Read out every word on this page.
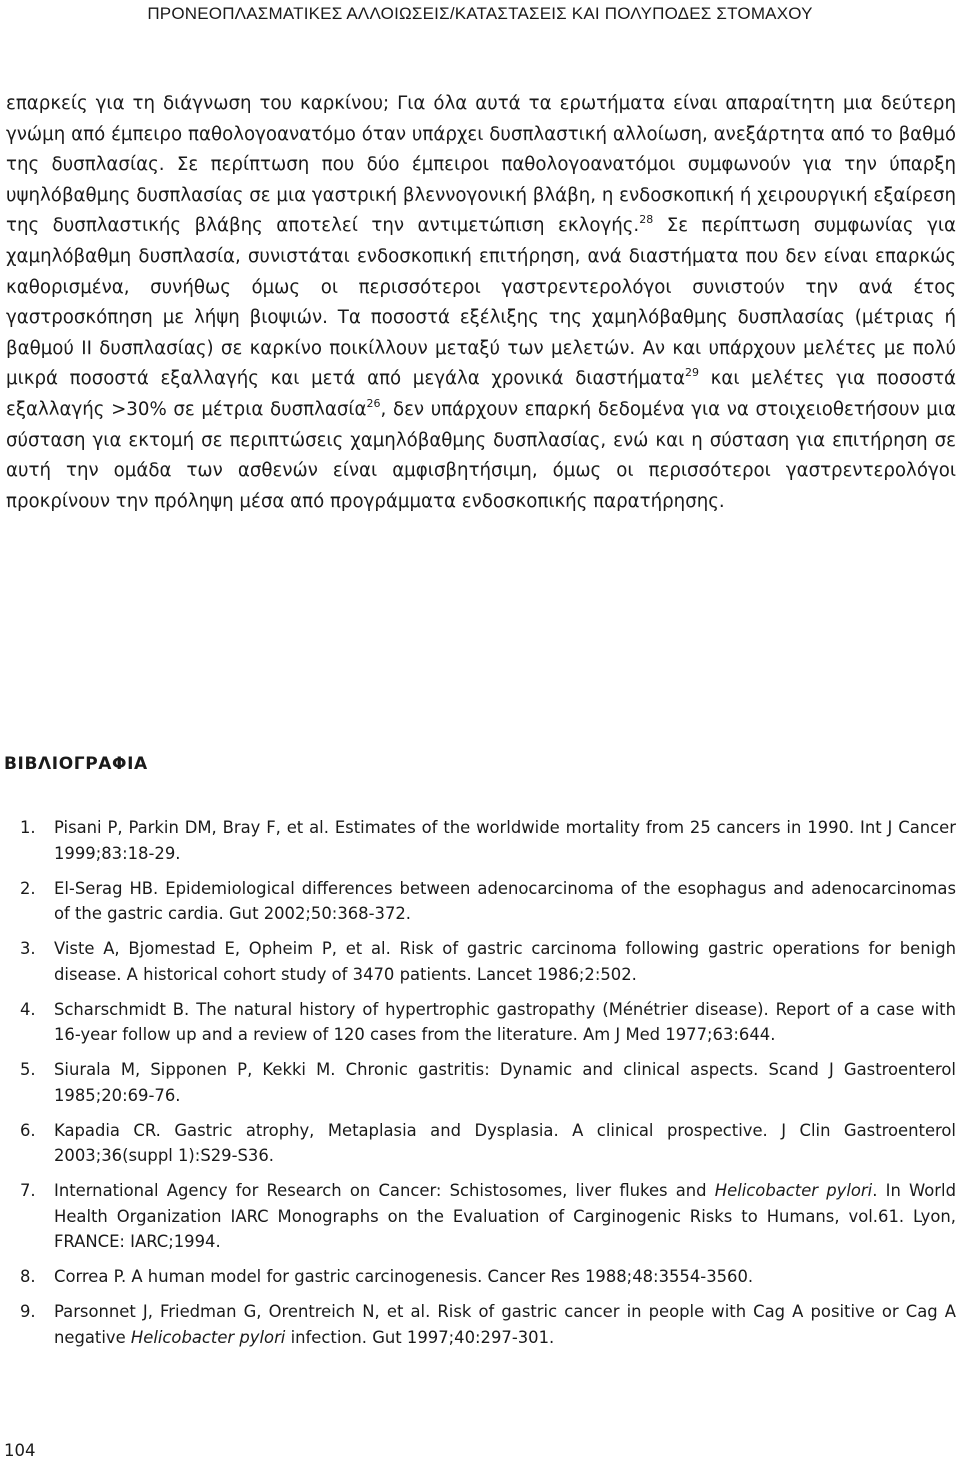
ΠΡΟΝΕΟΠΛΑΣΜΑΤΙΚΕΣ ΑΛΛΟΙΩΣΕΙΣ/ΚΑΤΑΣΤΑΣΕΙΣ ΚΑΙ ΠΟΛΥΠΟΔΕΣ ΣΤΟΜΑΧΟΥ

επαρκείς για τη διάγνωση του καρκίνου; Για όλα αυτά τα ερωτήματα είναι απαραίτητη μια δεύτερη γνώμη από έμπειρο παθολογοανατόμο όταν υπάρχει δυσπλαστική αλλοίωση, ανεξάρτητα από το βαθμό της δυσπλασίας. Σε περίπτωση που δύο έμπειροι παθολογοανατόμοι συμφωνούν για την ύπαρξη υψηλόβαθμης δυσπλασίας σε μια γαστρική βλεννογονική βλάβη, η ενδοσκοπική ή χειρουργική εξαίρεση της δυσπλαστικής βλάβης αποτελεί την αντιμετώπιση εκλογής.$^{28}$ Σε περίπτωση συμφωνίας για χαμηλόβαθμη δυσπλασία, συνιστάται ενδοσκοπική επιτήρηση, ανά διαστήματα που δεν είναι επαρκώς καθορισμένα, συνήθως όμως οι περισσότεροι γαστρεντερολόγοι συνιστούν την ανά έτος γαστροσκόπηση με λήψη βιοψιών. Τα ποσοστά εξέλιξης της χαμηλόβαθμης δυσπλασίας (μέτριας ή βαθμού ΙΙ δυσπλασίας) σε καρκίνο ποικίλλουν μεταξύ των μελετών. Αν και υπάρχουν μελέτες με πολύ μικρά ποσοστά εξαλλαγής και μετά από μεγάλα χρονικά διαστήματα$^{29}$ και μελέτες για ποσοστά εξαλλαγής >30% σε μέτρια δυσπλασία$^{26}$, δεν υπάρχουν επαρκή δεδομένα για να στοιχειοθετήσουν μια σύσταση για εκτομή σε περιπτώσεις χαμηλόβαθμης δυσπλασίας, ενώ και η σύσταση για επιτήρηση σε αυτή την ομάδα των ασθενών είναι αμφισβητήσιμη, όμως οι περισσότεροι γαστρεντερολόγοι προκρίνουν την πρόληψη μέσα από προγράμματα ενδοσκοπικής παρατήρησης.

ΒΙΒΛΙΟΓΡΑΦΙΑ
1.	Pisani P, Parkin DM, Bray F, et al. Estimates of the worldwide mortality from 25 cancers in 1990. Int J Cancer 1999;83:18-29.
2.	El-Serag HB. Epidemiological differences between adenocarcinoma of the esophagus and adenocarcinomas of the gastric cardia. Gut 2002;50:368-372.
3.	Viste A, Bjomestad E, Opheim P, et al. Risk of gastric carcinoma following gastric operations for benigh disease. A historical cohort study of 3470 patients. Lancet 1986;2:502.
4.	Scharschmidt B. The natural history of hypertrophic gastropathy (Ménétrier disease). Report of a case with 16-year follow up and a review of 120 cases from the literature. Am J Med 1977;63:644.
5.	Siurala M, Sipponen P, Kekki M. Chronic gastritis: Dynamic and clinical aspects. Scand J Gastroenterol 1985;20:69-76.
6.	Kapadia CR. Gastric atrophy, Metaplasia and Dysplasia. A clinical prospective. J Clin Gastroenterol 2003;36(suppl 1):S29-S36.
7.	International Agency for Research on Cancer: Schistosomes, liver flukes and Helicobacter pylori. In World Health Organization IARC Monographs on the Evaluation of Carginogenic Risks to Humans, vol.61. Lyon, FRANCE: IARC;1994.
8.	Correa P. A human model for gastric carcinogenesis. Cancer Res 1988;48:3554-3560.
9.	Parsonnet J, Friedman G, Orentreich N, et al. Risk of gastric cancer in people with Cag A positive or Cag A negative Helicobacter pylori infection. Gut 1997;40:297-301.
104
